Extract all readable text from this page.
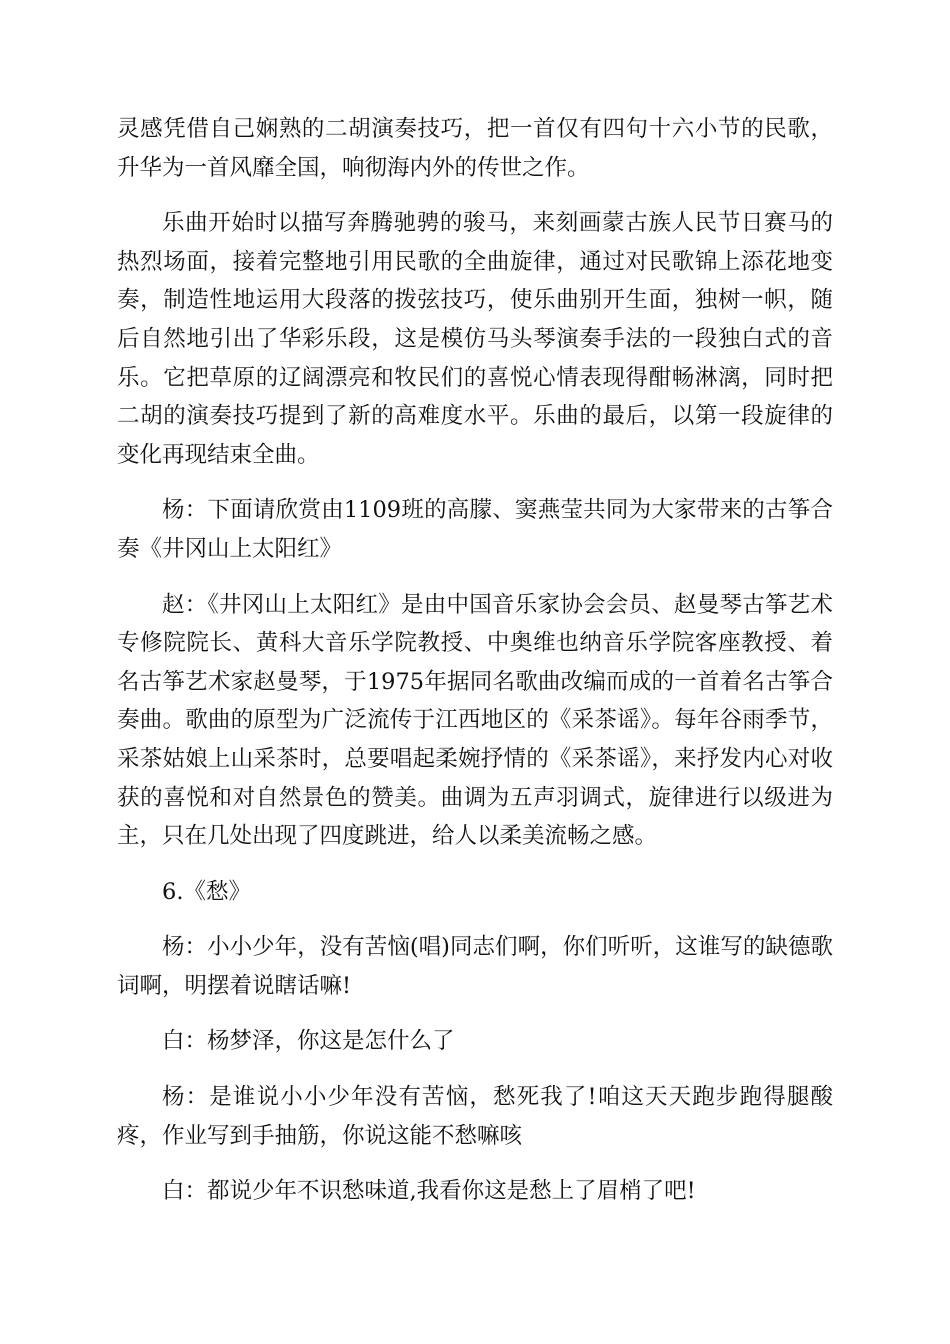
灵感凭借自己娴熟的二胡演奏技巧，把一首仅有四句十六小节的民歌，升华为一首风靡全国，响彻海内外的传世之作。

乐曲开始时以描写奔腾驰骋的骏马，来刻画蒙古族人民节日赛马的热烈场面，接着完整地引用民歌的全曲旋律，通过对民歌锦上添花地变奏，制造性地运用大段落的拨弦技巧，使乐曲别开生面，独树一帜，随后自然地引出了华彩乐段，这是模仿马头琴演奏手法的一段独白式的音乐。它把草原的辽阔漂亮和牧民们的喜悦心情表现得酣畅淋漓，同时把二胡的演奏技巧提到了新的高难度水平。乐曲的最后，以第一段旋律的变化再现结束全曲。

杨：下面请欣赏由1109班的高朦、窦燕莹共同为大家带来的古筝合奏《井冈山上太阳红》

赵：《井冈山上太阳红》是由中国音乐家协会会员、赵曼琴古筝艺术专修院院长、黄科大音乐学院教授、中奥维也纳音乐学院客座教授、着名古筝艺术家赵曼琴，于1975年据同名歌曲改编而成的一首着名古筝合奏曲。歌曲的原型为广泛流传于江西地区的《采茶谣》。每年谷雨季节，采茶姑娘上山采茶时，总要唱起柔婉抒情的《采茶谣》，来抒发内心对收获的喜悦和对自然景色的赞美。曲调为五声羽调式，旋律进行以级进为主，只在几处出现了四度跳进，给人以柔美流畅之感。

6.《愁》

杨：小小少年，没有苦恼(唱)同志们啊，你们听听，这谁写的缺德歌词啊，明摆着说瞎话嘛!

白：杨梦泽，你这是怎什么了

杨：是谁说小小少年没有苦恼，愁死我了!咱这天天跑步跑得腿酸疼，作业写到手抽筋，你说这能不愁嘛咳

白：都说少年不识愁味道,我看你这是愁上了眉梢了吧!
